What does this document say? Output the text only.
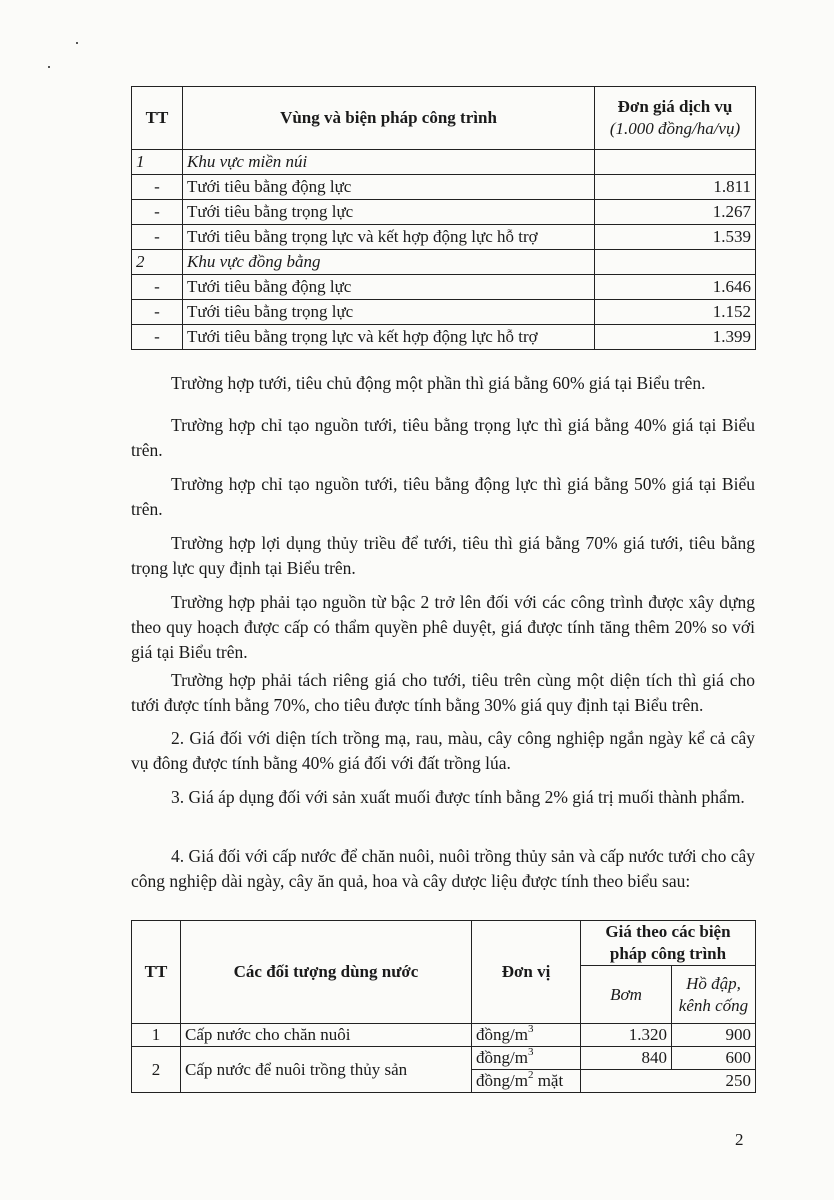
TT	Vùng và biện pháp công trình	Đơn giá dịch vụ
(1.000 đồng/ha/vụ)

1	Khu vực miền núi	
-	Tưới tiêu bằng động lực	1.811
-	Tưới tiêu bằng trọng lực	1.267
-	Tưới tiêu bằng trọng lực và kết hợp động lực hỗ trợ	1.539
2	Khu vực đồng bằng	
-	Tưới tiêu bằng động lực	1.646
-	Tưới tiêu bằng trọng lực	1.152
-	Tưới tiêu bằng trọng lực và kết hợp động lực hỗ trợ	1.399

Trường hợp tưới, tiêu chủ động một phần thì giá bằng 60% giá tại Biểu trên.

Trường hợp chỉ tạo nguồn tưới, tiêu bằng trọng lực thì giá bằng 40% giá tại Biểu trên.

Trường hợp chỉ tạo nguồn tưới, tiêu bằng động lực thì giá bằng 50% giá tại Biểu trên.

Trường hợp lợi dụng thủy triều để tưới, tiêu thì giá bằng 70% giá tưới, tiêu bằng trọng lực quy định tại Biểu trên.

Trường hợp phải tạo nguồn từ bậc 2 trở lên đối với các công trình được xây dựng theo quy hoạch được cấp có thẩm quyền phê duyệt, giá được tính tăng thêm 20% so với giá tại Biểu trên.

Trường hợp phải tách riêng giá cho tưới, tiêu trên cùng một diện tích thì giá cho tưới được tính bằng 70%, cho tiêu được tính bằng 30% giá quy định tại Biểu trên.

2. Giá đối với diện tích trồng mạ, rau, màu, cây công nghiệp ngắn ngày kể cả cây vụ đông được tính bằng 40% giá đối với đất trồng lúa.

3. Giá áp dụng đối với sản xuất muối được tính bằng 2% giá trị muối thành phẩm.

4. Giá đối với cấp nước để chăn nuôi, nuôi trồng thủy sản và cấp nước tưới cho cây công nghiệp dài ngày, cây ăn quả, hoa và cây dược liệu được tính theo biểu sau:

TT	Các đối tượng dùng nước	Đơn vị	Giá theo các biện pháp công trình	
			Bơm	Hồ đập, kênh cống
1	Cấp nước cho chăn nuôi	đồng/$m^3$	1.320	900
2	Cấp nước để nuôi trồng thủy sản	đồng/$m^3$	840	600
		đồng/$m^2$ mặt	250	
2
